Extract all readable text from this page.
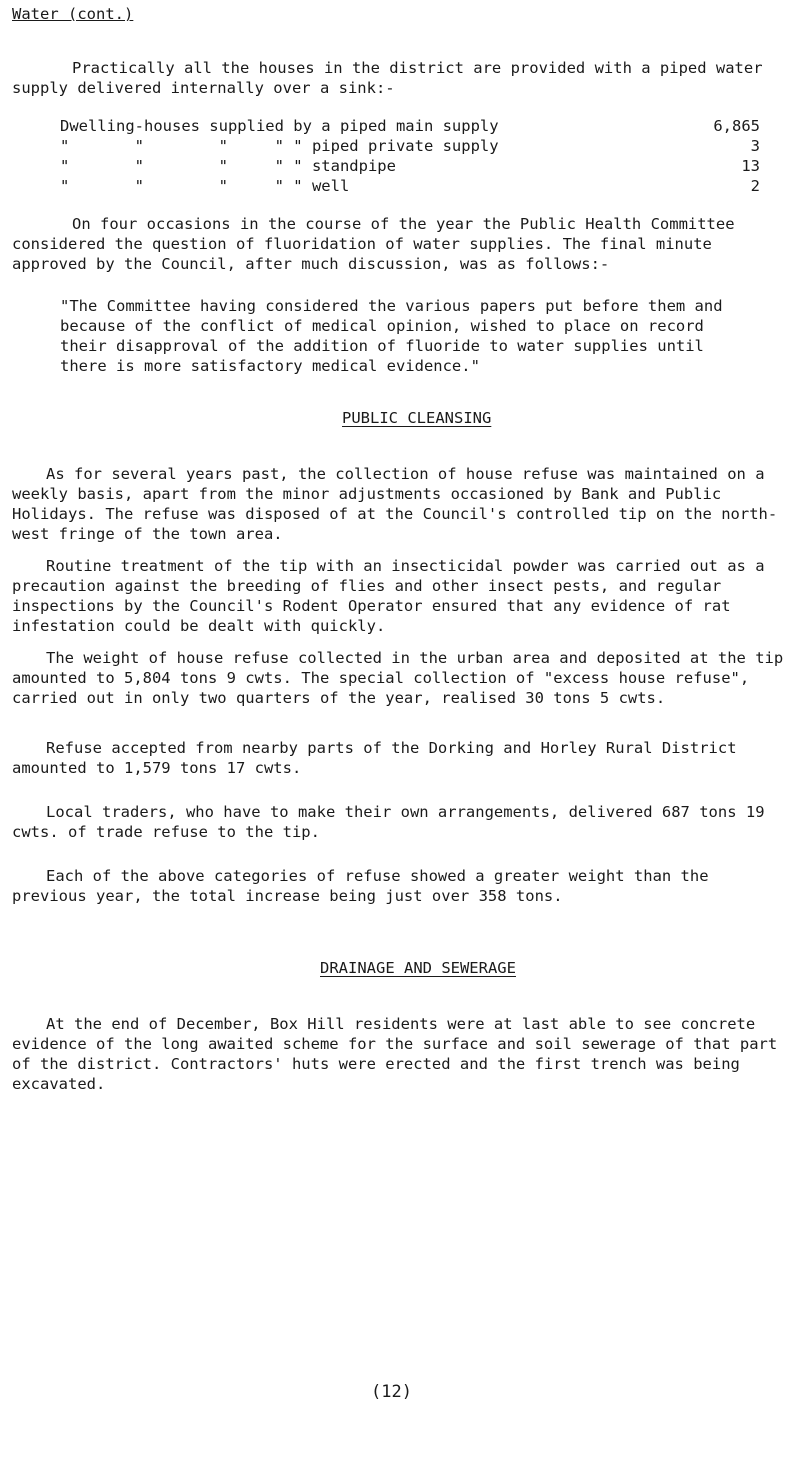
Water (cont.)

Practically all the houses in the district are provided with a piped water supply delivered internally over a sink:-

Dwelling-houses supplied by a piped main supply	6,865
"       "        "     " " piped private supply	3
"       "        "     " " standpipe	13
"       "        "     " " well	2

On four occasions in the course of the year the Public Health Committee considered the question of fluoridation of water supplies. The final minute approved by the Council, after much discussion, was as follows:-

"The Committee having considered the various papers put before them and because of the conflict of medical opinion, wished to place on record their disapproval of the addition of fluoride to water supplies until there is more satisfactory medical evidence."

PUBLIC CLEANSING

As for several years past, the collection of house refuse was maintained on a weekly basis, apart from the minor adjustments occasioned by Bank and Public Holidays. The refuse was disposed of at the Council's controlled tip on the north-west fringe of the town area.

Routine treatment of the tip with an insecticidal powder was carried out as a precaution against the breeding of flies and other insect pests, and regular inspections by the Council's Rodent Operator ensured that any evidence of rat infestation could be dealt with quickly.

The weight of house refuse collected in the urban area and deposited at the tip amounted to 5,804 tons 9 cwts. The special collection of "excess house refuse", carried out in only two quarters of the year, realised 30 tons 5 cwts.

Refuse accepted from nearby parts of the Dorking and Horley Rural District amounted to 1,579 tons 17 cwts.

Local traders, who have to make their own arrangements, delivered 687 tons 19 cwts. of trade refuse to the tip.

Each of the above categories of refuse showed a greater weight than the previous year, the total increase being just over 358 tons.

DRAINAGE AND SEWERAGE

At the end of December, Box Hill residents were at last able to see concrete evidence of the long awaited scheme for the surface and soil sewerage of that part of the district. Contractors' huts were erected and the first trench was being excavated.

(12)
